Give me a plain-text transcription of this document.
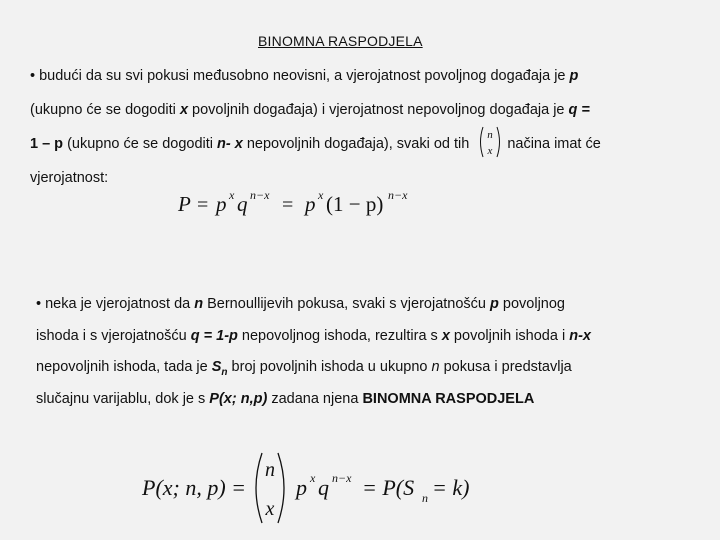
BINOMNA RASPODJELA
• budući da su svi pokusi međusobno neovisni, a vjerojatnost povoljnog događaja je p
(ukupno će se dogoditi x povoljnih događaja) i vjerojatnost nepovoljnog događaja je q =
1 – p (ukupno će se dogoditi n- x nepovoljnih događaja), svaki od tih
n
x načina imat će
vjerojatnost:
P = p x q n−x = p x (1 − p) n−x
• neka je vjerojatnost da n Bernoullijevih pokusa, svaki s vjerojatnošću p povoljnog
ishoda i s vjerojatnošću q = 1-p nepovoljnog ishoda, rezultira s x povoljnih ishoda i n-x
nepovoljnih ishoda, tada je $S_n$ broj povoljnih ishoda u ukupno n pokusa i predstavlja
slučajnu varijablu, dok je s P(x; n,p) zadana njena BINOMNA RASPODJELA
P(x; n, p) =
n
x
p x q n−x = P(S n = k)
